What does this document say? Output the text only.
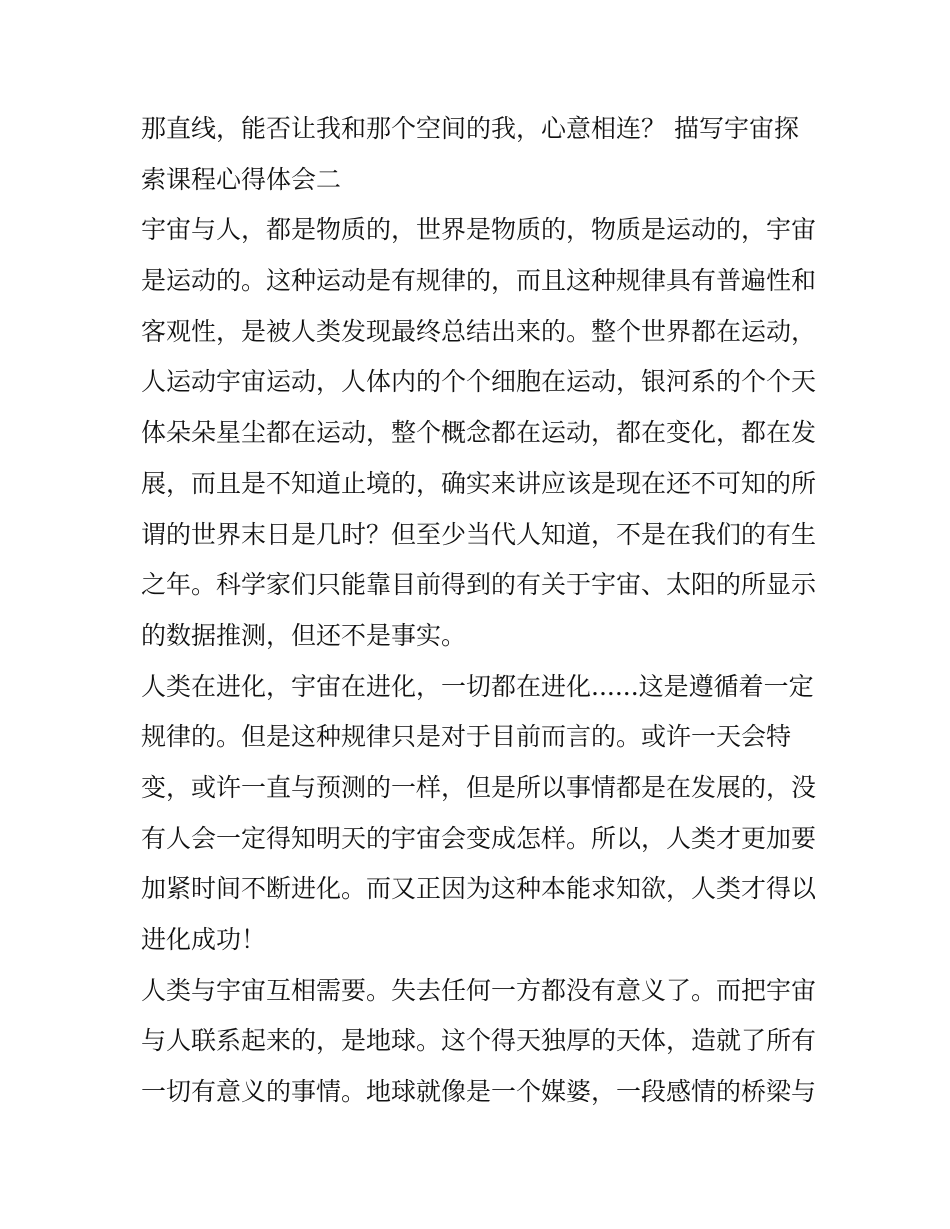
那直线，能否让我和那个空间的我，心意相连？ 描写宇宙探
索课程心得体会二
宇宙与人，都是物质的，世界是物质的，物质是运动的，宇宙
是运动的。这种运动是有规律的，而且这种规律具有普遍性和
客观性，是被人类发现最终总结出来的。整个世界都在运动，
人运动宇宙运动，人体内的个个细胞在运动，银河系的个个天
体朵朵星尘都在运动，整个概念都在运动，都在变化，都在发
展，而且是不知道止境的，确实来讲应该是现在还不可知的所
谓的世界末日是几时？但至少当代人知道，不是在我们的有生
之年。科学家们只能靠目前得到的有关于宇宙、太阳的所显示
的数据推测，但还不是事实。
人类在进化，宇宙在进化，一切都在进化......这是遵循着一定
规律的。但是这种规律只是对于目前而言的。或许一天会特
变，或许一直与预测的一样，但是所以事情都是在发展的，没
有人会一定得知明天的宇宙会变成怎样。所以，人类才更加要
加紧时间不断进化。而又正因为这种本能求知欲，人类才得以
进化成功！
人类与宇宙互相需要。失去任何一方都没有意义了。而把宇宙
与人联系起来的，是地球。这个得天独厚的天体，造就了所有
一切有意义的事情。地球就像是一个媒婆，一段感情的桥梁与
